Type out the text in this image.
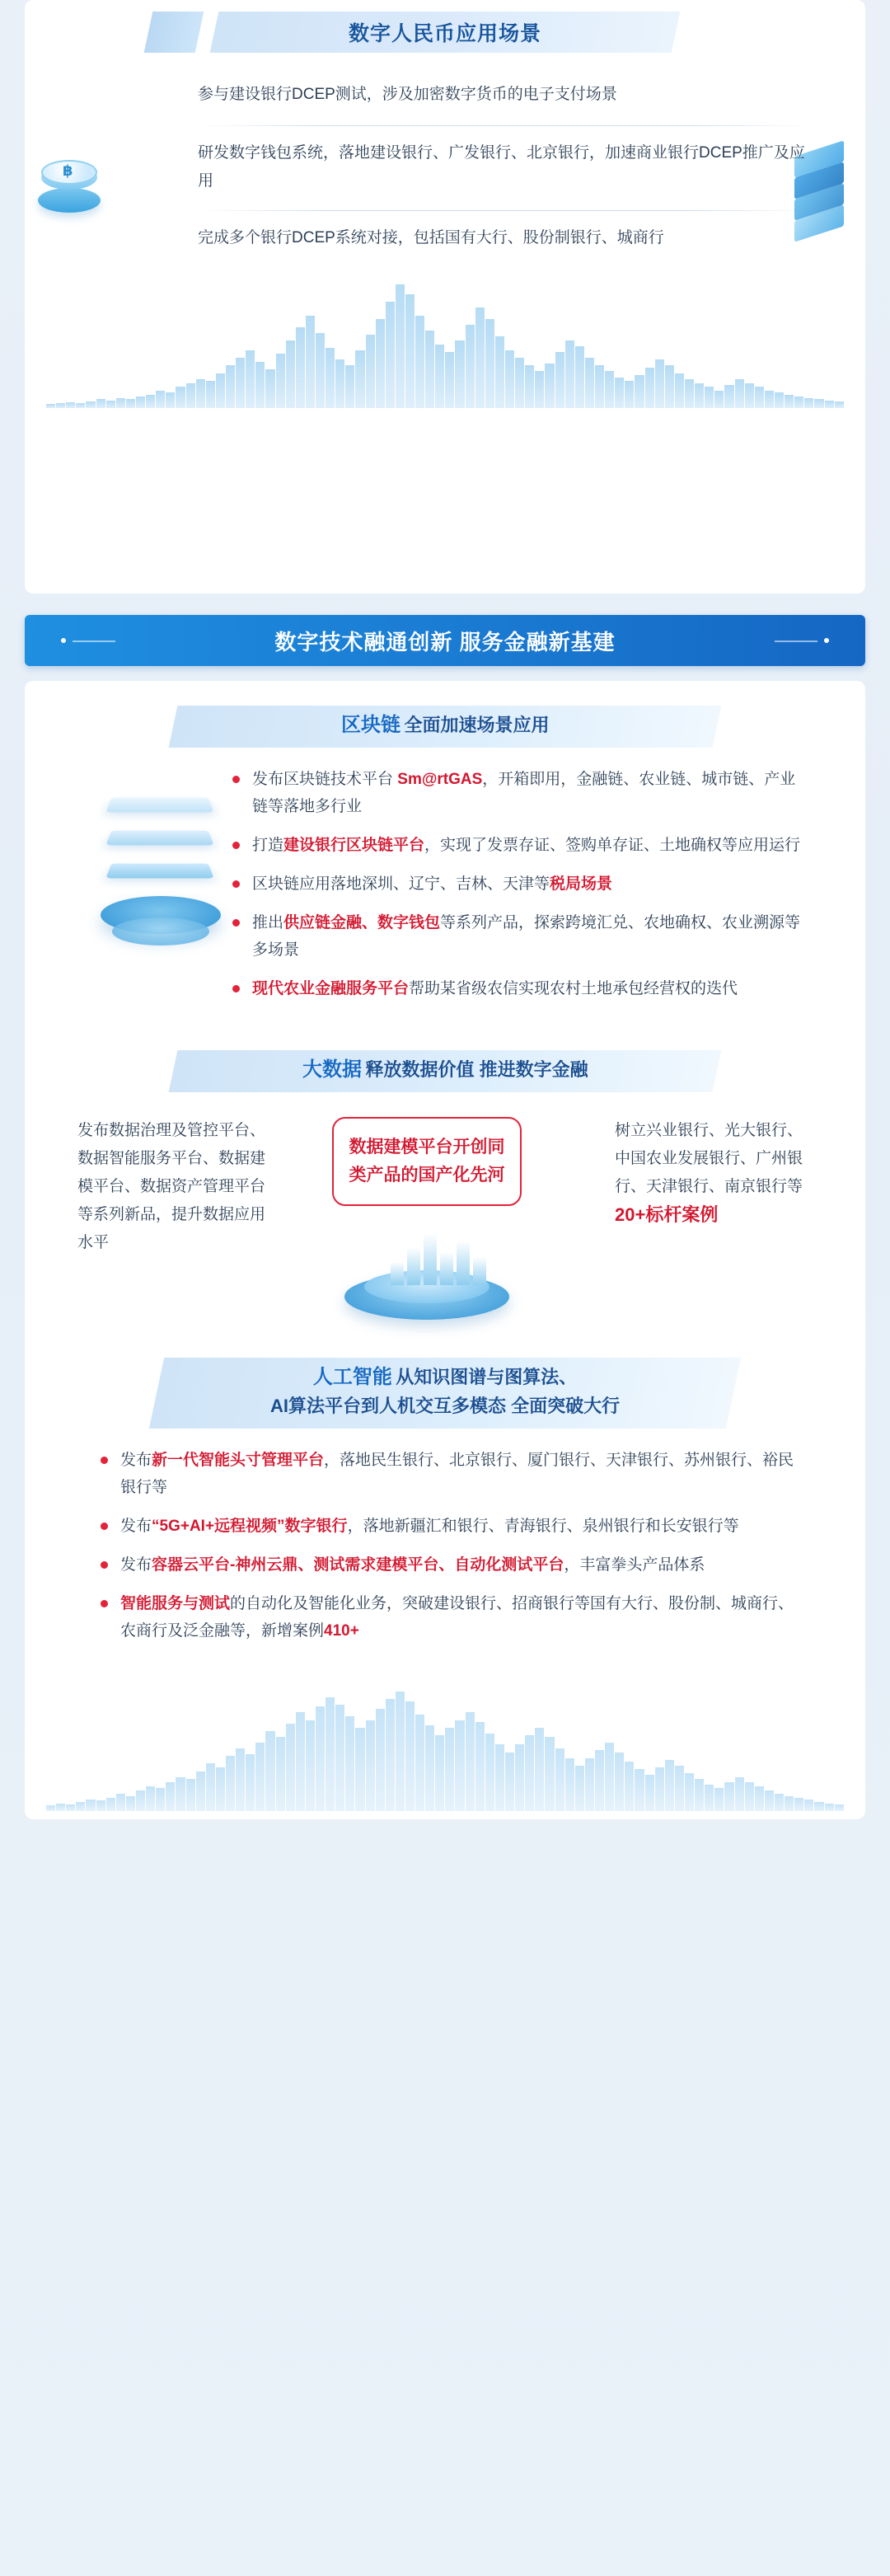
数字人民币应用场景
฿
参与建设银行DCEP测试，涉及加密数字货币的电子支付场景
研发数字钱包系统，落地建设银行、广发银行、北京银行，加速商业银行DCEP推广及应用
完成多个银行DCEP系统对接，包括国有大行、股份制银行、城商行
数字技术融通创新 服务金融新基建
区块链 全面加速场景应用
发布区块链技术平台 Sm@rtGAS，开箱即用，金融链、农业链、城市链、产业链等落地多行业
打造建设银行区块链平台，实现了发票存证、签购单存证、土地确权等应用运行
区块链应用落地深圳、辽宁、吉林、天津等税局场景
推出供应链金融、数字钱包等系列产品，探索跨境汇兑、农地确权、农业溯源等多场景
现代农业金融服务平台帮助某省级农信实现农村土地承包经营权的迭代
大数据 释放数据价值 推进数字金融
发布数据治理及管控平台、数据智能服务平台、数据建模平台、数据资产管理平台等系列新品，提升数据应用水平
数据建模平台开创同类产品的国产化先河
树立兴业银行、光大银行、中国农业发展银行、广州银行、天津银行、南京银行等 20+标杆案例
人工智能 从知识图谱与图算法、
AI算法平台到人机交互多模态 全面突破大行
发布新一代智能头寸管理平台，落地民生银行、北京银行、厦门银行、天津银行、苏州银行、裕民银行等
发布“5G+AI+远程视频”数字银行，落地新疆汇和银行、青海银行、泉州银行和长安银行等
发布容器云平台-神州云鼎、测试需求建模平台、自动化测试平台，丰富拳头产品体系
智能服务与测试的自动化及智能化业务，突破建设银行、招商银行等国有大行、股份制、城商行、农商行及泛金融等，新增案例410+
